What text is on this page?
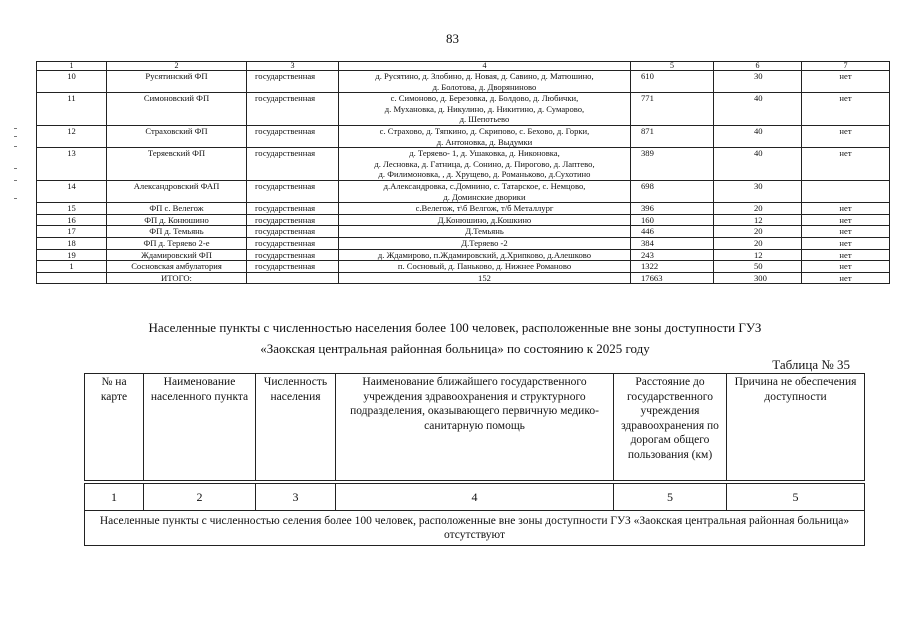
83
1	2	3	4	5	6	7
10	Русятинский ФП	государственная	д. Русятино, д. Злобино, д. Новая, д. Савино, д. Матюшино,
д. Болотова, д. Дворяниново	610	30	нет
11	Симоновский ФП	государственная	с. Симоново, д. Березовка, д. Болдово, д. Любички,
д. Мухановка, д. Никулино, д. Никитино, д. Сумарово,
д. Шепотьево	771	40	нет
12	Страховский ФП	государственная	с. Страхово, д. Тяпкино, д. Скрипово, с. Бехово, д. Горки,
д. Антоновка, д. Выдумки	871	40	нет
13	Теряевский ФП	государственная	д. Теряево- 1, д. Ушаковка, д. Никоновка,
д. Лесновка, д. Гатница, д. Сонино, д. Пирогово, д. Лаптево,
д. Филимоновка, , д. Хрущево, д. Романьково, д.Сухотино	389	40	нет
14	Александровский ФАП	государственная	д.Александровка, с.Домнино, с. Татарское, с. Немцово,
д. Доминские дворики	698	30	
15	ФП с. Велегож	государственная	с.Велегож, т\б Велгож, т/б Металлург	396	20	нет
16	ФП д. Конюшино	государственная	Д.Конюшино, д.Кошкино	160	12	нет
17	ФП д. Темьянь	государственная	Д.Темьянь	446	20	нет
18	ФП д. Теряево 2-е	государственная	Д.Теряево -2	384	20	нет
19	Ждамировский ФП	государственная	д. Ждамирово, п.Ждамировский, д.Хрипково, д.Алешково	243	12	нет
1	Сосновская амбулатория	государственная	п. Сосновый, д. Паньково, д. Нижнее Романово	1322	50	нет
	ИТОГО:		152	17663	300	нет
Населенные пункты с численностью населения более 100 человек, расположенные вне зоны доступности ГУЗ
«Заокская центральная районная больница» по состоянию к 2025 году
Таблица № 35
№ на карте	Наименование населенного пункта	Численность населения	Наименование ближайшего государственного учреждения здравоохранения и структурного подразделения, оказывающего первичную медико-санитарную помощь	Расстояние до государственного учреждения здравоохранения по дорогам общего пользования (км)	Причина не обеспечения доступности

1	2	3	4	5	5
Населенные пункты с численностью селения более 100 человек, расположенные вне зоны доступности ГУЗ «Заокская центральная районная больница» отсутствуют					
